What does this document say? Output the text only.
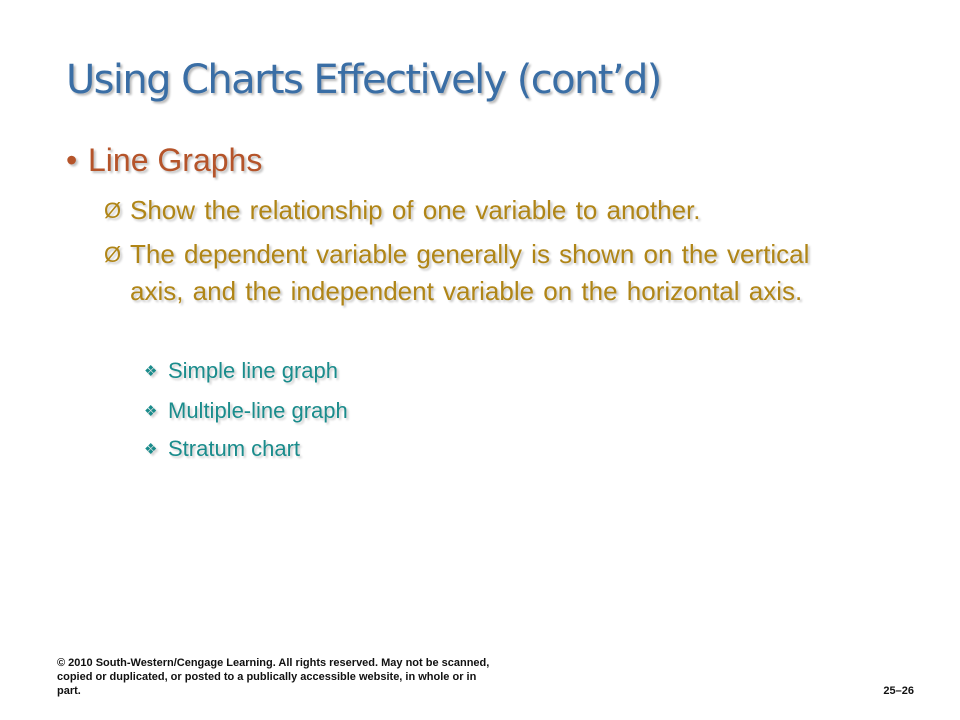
Using Charts Effectively (cont’d)
• Line Graphs
Ø Show the relationship of one variable to another.
Ø The dependent variable generally is shown on the vertical axis, and the independent variable on the horizontal axis.
❖ Simple line graph
❖ Multiple-line graph
❖ Stratum chart
© 2010 South-Western/Cengage Learning. All rights reserved. May not be scanned, copied or duplicated, or posted to a publically accessible website, in whole or in part.	25–26
